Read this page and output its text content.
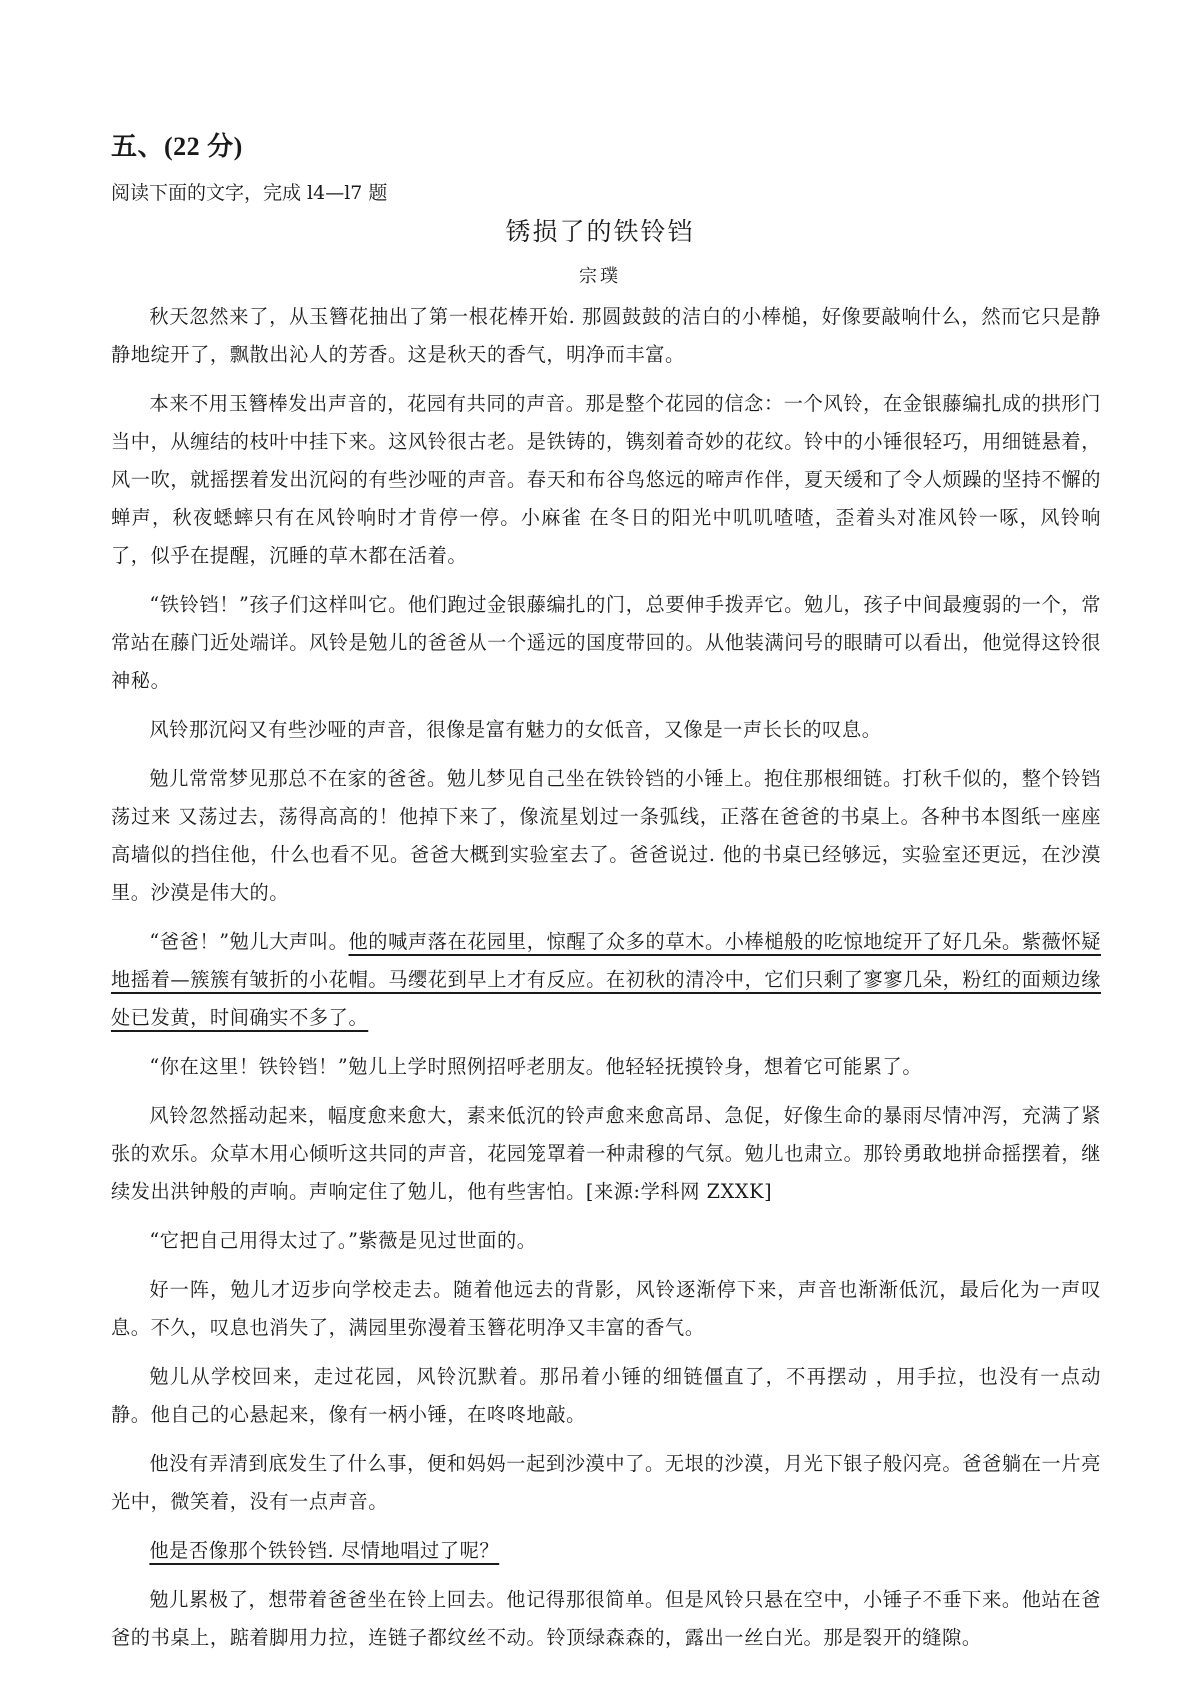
五、(22 分)

阅读下面的文字，完成 l4—l7 题

锈损了的铁铃铛

宗璞

秋天忽然来了，从玉簪花抽出了第一根花棒开始. 那圆鼓鼓的洁白的小棒槌，好像要敲响什么，然而它只是静静地绽开了，飘散出沁人的芳香。这是秋天的香气，明净而丰富。

本来不用玉簪棒发出声音的，花园有共同的声音。那是整个花园的信念：一个风铃，在金银藤编扎成的拱形门当中，从缠结的枝叶中挂下来。这风铃很古老。是铁铸的，镌刻着奇妙的花纹。铃中的小锤很轻巧，用细链悬着，风一吹，就摇摆着发出沉闷的有些沙哑的声音。春天和布谷鸟悠远的啼声作伴，夏天缓和了令人烦躁的坚持不懈的蝉声，秋夜蟋蟀只有在风铃响时才肯停一停。小麻雀 在冬日的阳光中叽叽喳喳，歪着头对准风铃一啄，风铃响了，似乎在提醒，沉睡的草木都在活着。

“铁铃铛！”孩子们这样叫它。他们跑过金银藤编扎的门，总要伸手拨弄它。勉儿，孩子中间最瘦弱的一个，常常站在藤门近处端详。风铃是勉儿的爸爸从一个遥远的国度带回的。从他装满问号的眼睛可以看出，他觉得这铃很神秘。

风铃那沉闷又有些沙哑的声音，很像是富有魅力的女低音，又像是一声长长的叹息。

勉儿常常梦见那总不在家的爸爸。勉儿梦见自己坐在铁铃铛的小锤上。抱住那根细链。打秋千似的，整个铃铛荡过来 又荡过去，荡得高高的！他掉下来了，像流星划过一条弧线，正落在爸爸的书桌上。各种书本图纸一座座高墙似的挡住他，什么也看不见。爸爸大概到实验室去了。爸爸说过. 他的书桌已经够远，实验室还更远，在沙漠里。沙漠是伟大的。

“爸爸！”勉儿大声叫。他的喊声落在花园里，惊醒了众多的草木。小棒槌般的吃惊地绽开了好几朵。紫薇怀疑地摇着—簇簇有皱折的小花帽。马缨花到早上才有反应。在初秋的清冷中，它们只剩了寥寥几朵，粉红的面颊边缘处已发黄，时间确实不多了。

“你在这里！铁铃铛！”勉儿上学时照例招呼老朋友。他轻轻抚摸铃身，想着它可能累了。

风铃忽然摇动起来，幅度愈来愈大，素来低沉的铃声愈来愈高昂、急促，好像生命的暴雨尽情冲泻，充满了紧张的欢乐。众草木用心倾听这共同的声音，花园笼罩着一种肃穆的气氛。勉儿也肃立。那铃勇敢地拼命摇摆着，继续发出洪钟般的声响。声响定住了勉儿，他有些害怕。[来源:学科网 ZXXK]

“它把自己用得太过了。”紫薇是见过世面的。

好一阵，勉儿才迈步向学校走去。随着他远去的背影，风铃逐渐停下来，声音也渐渐低沉，最后化为一声叹息。不久，叹息也消失了，满园里弥漫着玉簪花明净又丰富的香气。

勉儿从学校回来，走过花园，风铃沉默着。那吊着小锤的细链僵直了，不再摆动 ，用手拉，也没有一点动静。他自己的心悬起来，像有一柄小锤，在咚咚地敲。

他没有弄清到底发生了什么事，便和妈妈一起到沙漠中了。无垠的沙漠，月光下银子般闪亮。爸爸躺在一片亮光中，微笑着，没有一点声音。

他是否像那个铁铃铛. 尽情地唱过了呢？

勉儿累极了，想带着爸爸坐在铃上回去。他记得那很简单。但是风铃只悬在空中，小锤子不垂下来。他站在爸爸的书桌上，踮着脚用力拉，连链子都纹丝不动。铃顶绿森森的，露出一丝白光。那是裂开的缝隙。
